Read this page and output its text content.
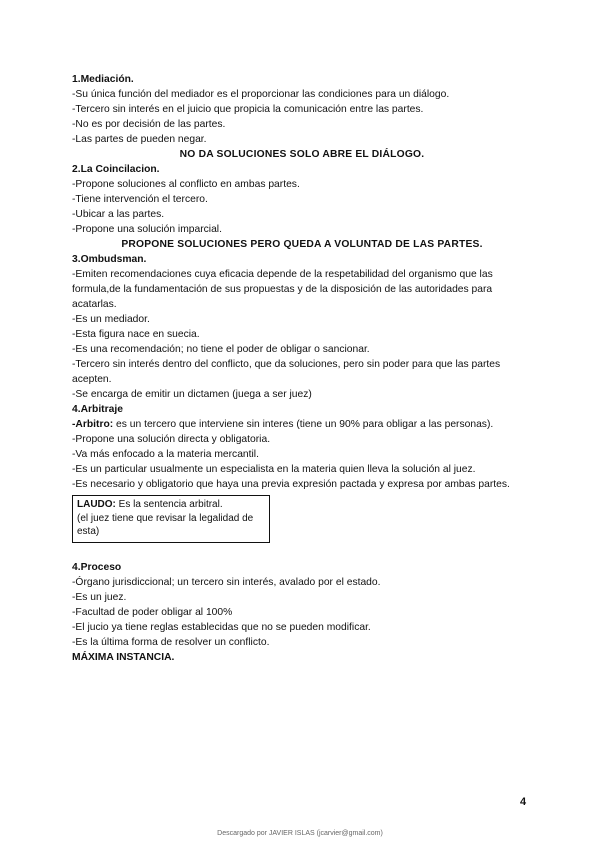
1.Mediación.
-Su única función del mediador es el proporcionar las condiciones para un diálogo.
-Tercero sin interés en el juicio que propicia la comunicación entre las partes.
-No es por decisión de las partes.
-Las partes de pueden negar.
NO DA SOLUCIONES SOLO ABRE EL DIÁLOGO.
2.La Coincilacion.
-Propone soluciones al conflicto en ambas partes.
-Tiene intervención el tercero.
-Ubicar a las partes.
-Propone una solución imparcial.
PROPONE SOLUCIONES PERO QUEDA A VOLUNTAD DE LAS PARTES.
3.Ombudsman.
-Emiten recomendaciones cuya eficacia depende de la respetabilidad del organismo que las formula,de la fundamentación de sus propuestas y de la disposición de las autoridades para acatarlas.
-Es un mediador.
-Esta figura nace en suecia.
-Es una recomendación; no tiene el poder de obligar o sancionar.
-Tercero sin interés dentro del conflicto, que da soluciones, pero sin poder para que las partes acepten.
-Se encarga de emitir un dictamen (juega a ser juez)
4.Arbitraje
-Arbitro: es un tercero que interviene sin interes (tiene un 90% para obligar a las personas).
-Propone una solución directa y obligatoria.
-Va más enfocado a la materia mercantil.
-Es un particular usualmente un especialista en la materia quien lleva la solución al juez.
-Es necesario y obligatorio que haya una previa expresión pactada y expresa por ambas partes.
LAUDO: Es la sentencia arbitral.
(el juez tiene que revisar la legalidad de esta)
4.Proceso
-Órgano jurisdiccional; un tercero sin interés, avalado por el estado.
-Es un juez.
-Facultad de poder obligar al 100%
-El jucio ya tiene reglas establecidas que no se pueden modificar.
-Es la última forma de resolver un conflicto.
MÁXIMA INSTANCIA.
4
Descargado por JAVIER ISLAS (jcarvier@gmail.com)
